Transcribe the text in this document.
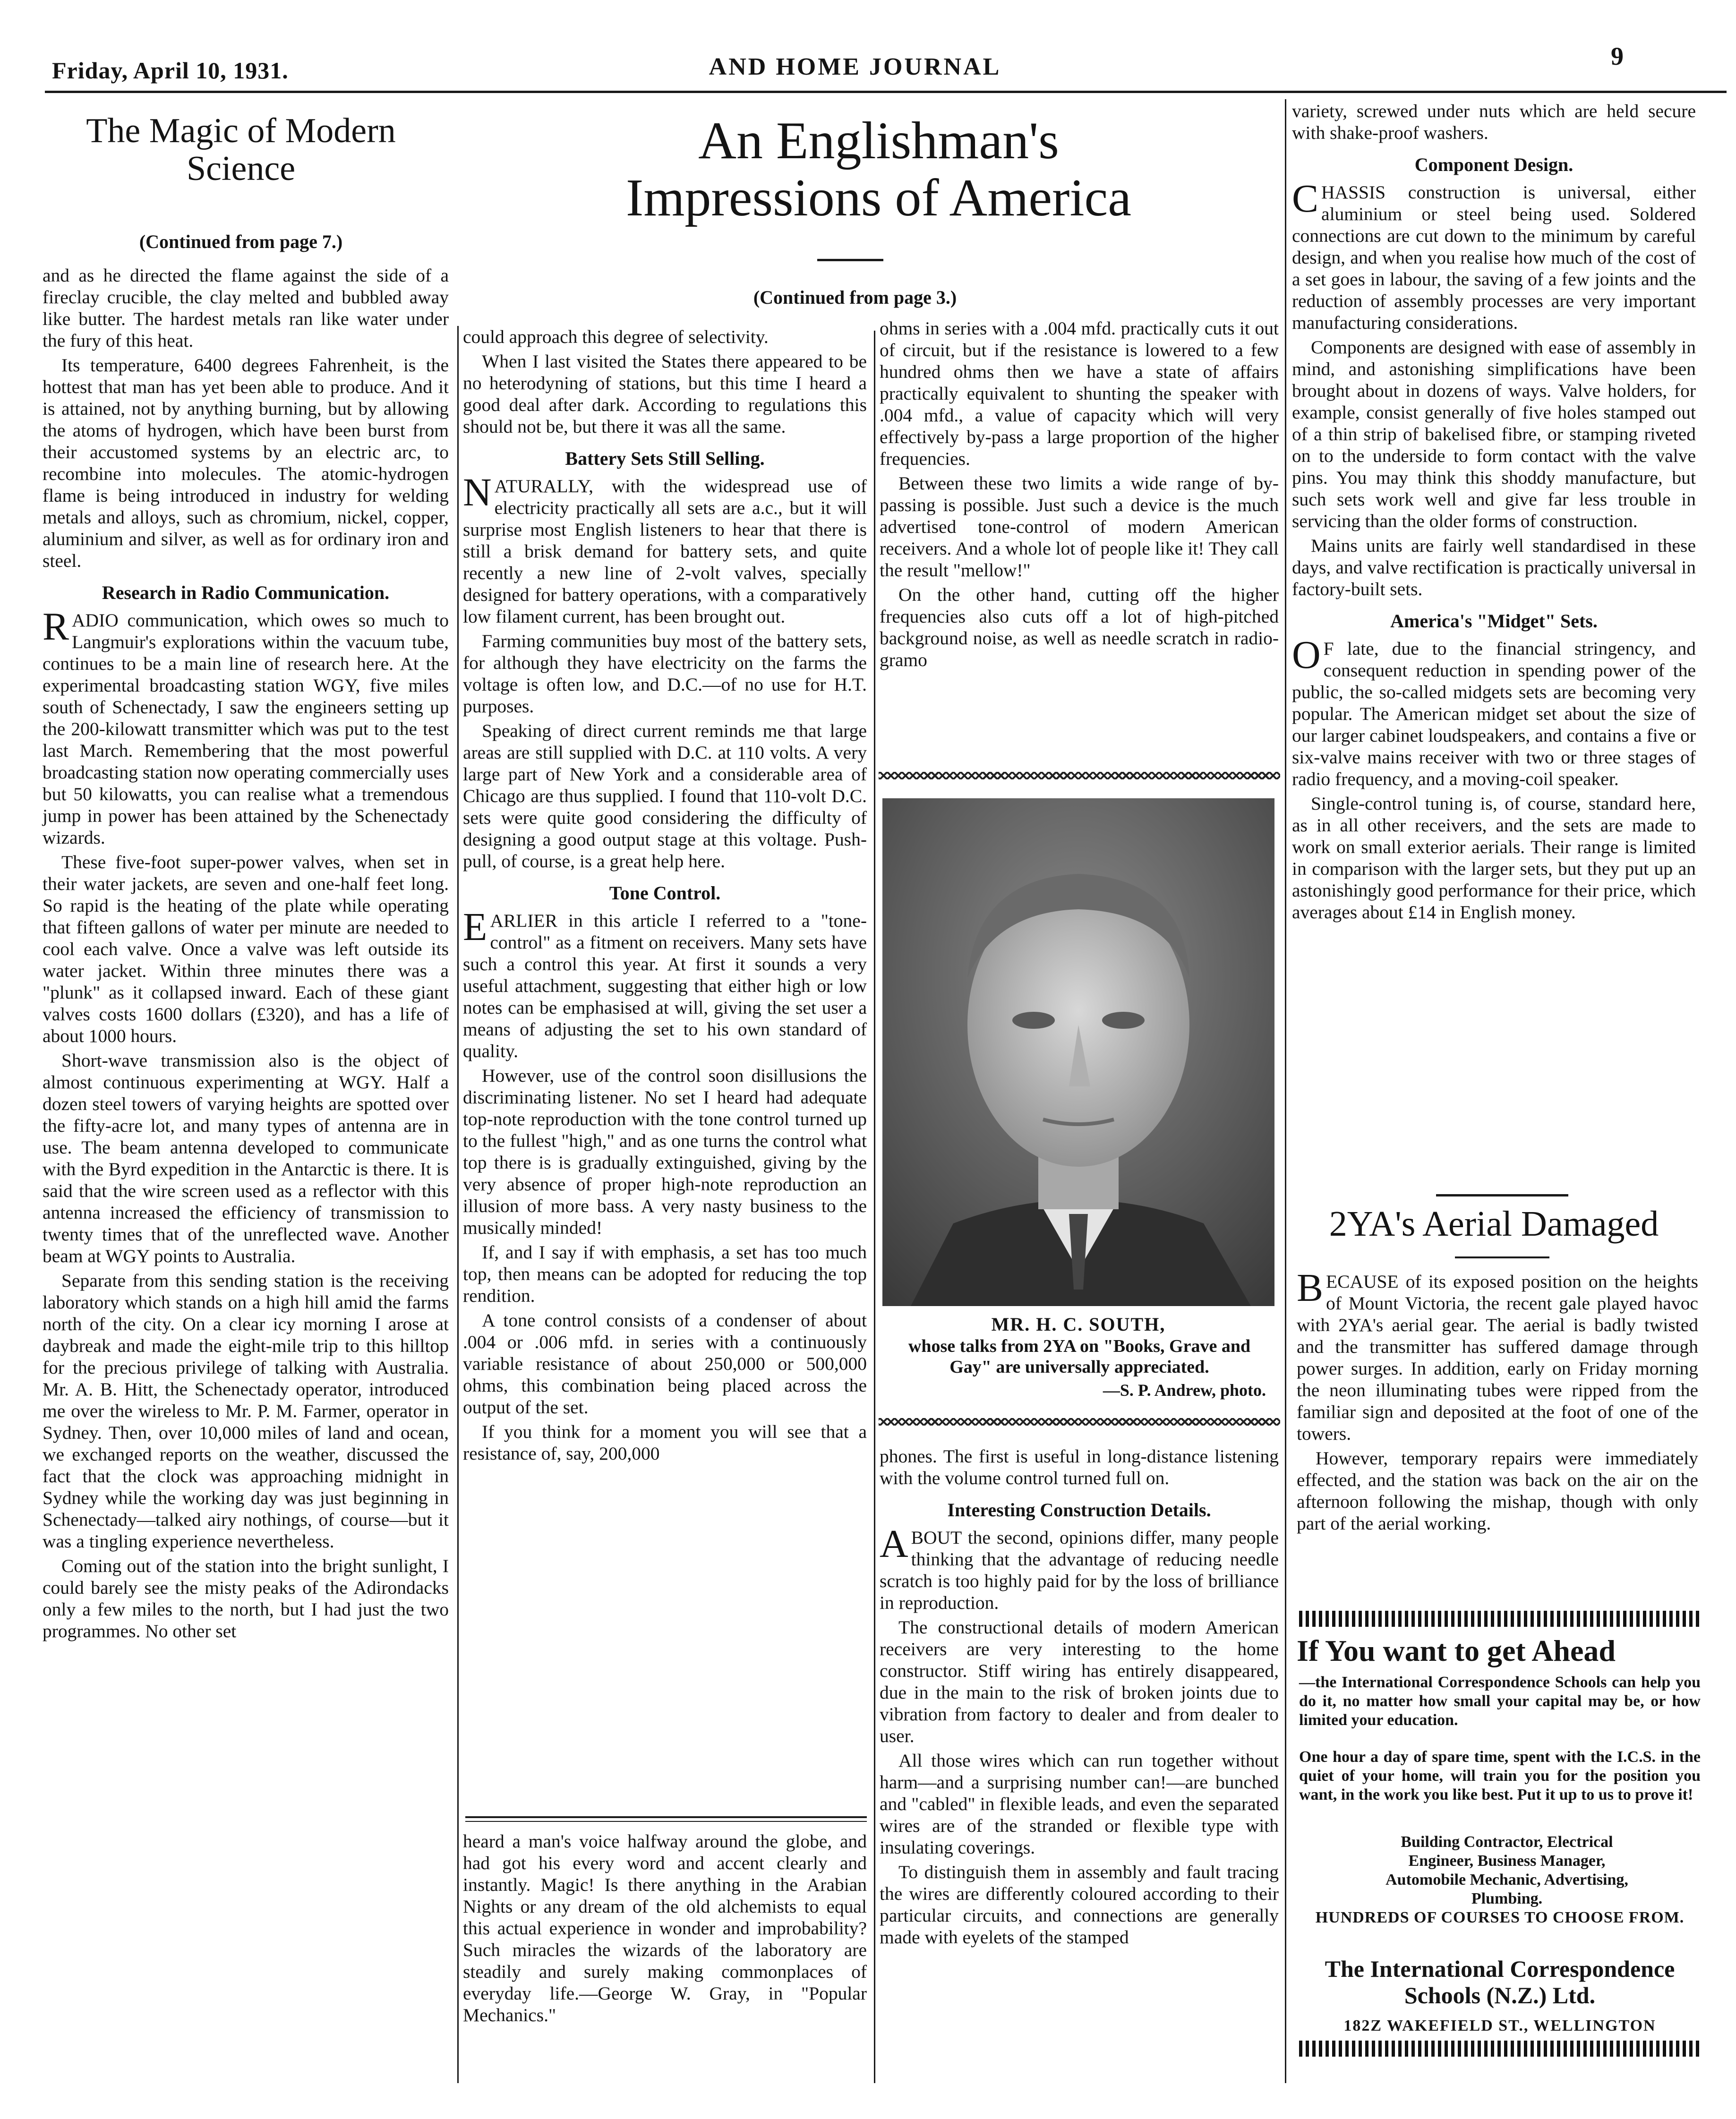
Friday, April 10, 1931.	AND HOME JOURNAL	9
The Magic of Modern Science
(Continued from page 7.)

and as he directed the flame against the side of a fireclay crucible, the clay melted and bubbled away like butter. The hardest metals ran like water under the fury of this heat.

Its temperature, 6400 degrees Fahrenheit, is the hottest that man has yet been able to produce. And it is attained, not by anything burning, but by allowing the atoms of hydrogen, which have been burst from their accustomed systems by an electric arc, to recombine into molecules. The atomic-hydrogen flame is being introduced in industry for welding metals and alloys, such as chromium, nickel, copper, aluminium and silver, as well as for ordinary iron and steel.

Research in Radio Communication.

RADIO communication, which owes so much to Langmuir's explorations within the vacuum tube, continues to be a main line of research here. At the experimental broadcasting station WGY, five miles south of Schenectady, I saw the engineers setting up the 200-kilowatt transmitter which was put to the test last March. Remembering that the most powerful broadcasting station now operating commercially uses but 50 kilowatts, you can realise what a tremendous jump in power has been attained by the Schenectady wizards.

These five-foot super-power valves, when set in their water jackets, are seven and one-half feet long. So rapid is the heating of the plate while operating that fifteen gallons of water per minute are needed to cool each valve. Once a valve was left outside its water jacket. Within three minutes there was a "plunk" as it collapsed inward. Each of these giant valves costs 1600 dollars (£320), and has a life of about 1000 hours.

Short-wave transmission also is the object of almost continuous experimenting at WGY. Half a dozen steel towers of varying heights are spotted over the fifty-acre lot, and many types of antenna are in use. The beam antenna developed to communicate with the Byrd expedition in the Antarctic is there. It is said that the wire screen used as a reflector with this antenna increased the efficiency of transmission to twenty times that of the unreflected wave. Another beam at WGY points to Australia.

Separate from this sending station is the receiving laboratory which stands on a high hill amid the farms north of the city. On a clear icy morning I arose at daybreak and made the eight-mile trip to this hilltop for the precious privilege of talking with Australia. Mr. A. B. Hitt, the Schenectady operator, introduced me over the wireless to Mr. P. M. Farmer, operator in Sydney. Then, over 10,000 miles of land and ocean, we exchanged reports on the weather, discussed the fact that the clock was approaching midnight in Sydney while the working day was just beginning in Schenectady—talked airy nothings, of course—but it was a tingling experience nevertheless.

Coming out of the station into the bright sunlight, I could barely see the misty peaks of the Adirondacks only a few miles to the north, but I had just the two programmes. No other set

An Englishman's Impressions of America
(Continued from page 3.)

could approach this degree of selectivity.

When I last visited the States there appeared to be no heterodyning of stations, but this time I heard a good deal after dark. According to regulations this should not be, but there it was all the same.

Battery Sets Still Selling.

NATURALLY, with the widespread use of electricity practically all sets are a.c., but it will surprise most English listeners to hear that there is still a brisk demand for battery sets, and quite recently a new line of 2-volt valves, specially designed for battery operations, with a comparatively low filament current, has been brought out.

Farming communities buy most of the battery sets, for although they have electricity on the farms the voltage is often low, and D.C.—of no use for H.T. purposes.

Speaking of direct current reminds me that large areas are still supplied with D.C. at 110 volts. A very large part of New York and a considerable area of Chicago are thus supplied. I found that 110-volt D.C. sets were quite good considering the difficulty of designing a good output stage at this voltage. Push-pull, of course, is a great help here.

Tone Control.

EARLIER in this article I referred to a "tone-control" as a fitment on receivers. Many sets have such a control this year. At first it sounds a very useful attachment, suggesting that either high or low notes can be emphasised at will, giving the set user a means of adjusting the set to his own standard of quality.

However, use of the control soon disillusions the discriminating listener. No set I heard had adequate top-note reproduction with the tone control turned up to the fullest "high," and as one turns the control what top there is is gradually extinguished, giving by the very absence of proper high-note reproduction an illusion of more bass. A very nasty business to the musically minded!

If, and I say if with emphasis, a set has too much top, then means can be adopted for reducing the top rendition.

A tone control consists of a condenser of about .004 or .006 mfd. in series with a continuously variable resistance of about 250,000 or 500,000 ohms, this combination being placed across the output of the set.

If you think for a moment you will see that a resistance of, say, 200,000

heard a man's voice halfway around the globe, and had got his every word and accent clearly and instantly. Magic! Is there anything in the Arabian Nights or any dream of the old alchemists to equal this actual experience in wonder and improbability? Such miracles the wizards of the laboratory are steadily and surely making commonplaces of everyday life.—George W. Gray, in "Popular Mechanics."

ohms in series with a .004 mfd. practically cuts it out of circuit, but if the resistance is lowered to a few hundred ohms then we have a state of affairs practically equivalent to shunting the speaker with .004 mfd., a value of capacity which will very effectively by-pass a large proportion of the higher frequencies.

Between these two limits a wide range of by-passing is possible. Just such a device is the much advertised tone-control of modern American receivers. And a whole lot of people like it! They call the result "mellow!"

On the other hand, cutting off the higher frequencies also cuts off a lot of high-pitched background noise, as well as needle scratch in radio-gramo

MR. H. C. SOUTH,
whose talks from 2YA on "Books, Grave and Gay" are universally appreciated.
—S. P. Andrew, photo.

phones. The first is useful in long-distance listening with the volume control turned full on.

Interesting Construction Details.

ABOUT the second, opinions differ, many people thinking that the advantage of reducing needle scratch is too highly paid for by the loss of brilliance in reproduction.

The constructional details of modern American receivers are very interesting to the home constructor. Stiff wiring has entirely disappeared, due in the main to the risk of broken joints due to vibration from factory to dealer and from dealer to user.

All those wires which can run together without harm—and a surprising number can!—are bunched and "cabled" in flexible leads, and even the separated wires are of the stranded or flexible type with insulating coverings.

To distinguish them in assembly and fault tracing the wires are differently coloured according to their particular circuits, and connections are generally made with eyelets of the stamped

variety, screwed under nuts which are held secure with shake-proof washers.

Component Design.

CHASSIS construction is universal, either aluminium or steel being used. Soldered connections are cut down to the minimum by careful design, and when you realise how much of the cost of a set goes in labour, the saving of a few joints and the reduction of assembly processes are very important manufacturing considerations.

Components are designed with ease of assembly in mind, and astonishing simplifications have been brought about in dozens of ways. Valve holders, for example, consist generally of five holes stamped out of a thin strip of bakelised fibre, or stamping riveted on to the underside to form contact with the valve pins. You may think this shoddy manufacture, but such sets work well and give far less trouble in servicing than the older forms of construction.

Mains units are fairly well standardised in these days, and valve rectification is practically universal in factory-built sets.

America's "Midget" Sets.

O F late, due to the financial stringency, and consequent reduction in spending power of the public, the so-called midgets sets are becoming very popular. The American midget set about the size of our larger cabinet loudspeakers, and contains a five or six-valve mains receiver with two or three stages of radio frequency, and a moving-coil speaker.

Single-control tuning is, of course, standard here, as in all other receivers, and the sets are made to work on small exterior aerials. Their range is limited in comparison with the larger sets, but they put up an astonishingly good performance for their price, which averages about £14 in English money.

2YA's Aerial Damaged

BECAUSE of its exposed position on the heights of Mount Victoria, the recent gale played havoc with 2YA's aerial gear. The aerial is badly twisted and the transmitter has suffered damage through power surges. In addition, early on Friday morning the neon illuminating tubes were ripped from the familiar sign and deposited at the foot of one of the towers.

However, temporary repairs were immediately effected, and the station was back on the air on the afternoon following the mishap, though with only part of the aerial working.

If You want to get Ahead
—the International Correspondence Schools can help you do it, no matter how small your capital may be, or how limited your education.
One hour a day of spare time, spent with the I.C.S. in the quiet of your home, will train you for the position you want, in the work you like best. Put it up to us to prove it!
Building Contractor, Electrical
Engineer, Business Manager,
Automobile Mechanic, Advertising,
Plumbing.
HUNDREDS OF COURSES TO CHOOSE FROM.
The International Correspondence Schools (N.Z.) Ltd.
182Z WAKEFIELD ST., WELLINGTON
